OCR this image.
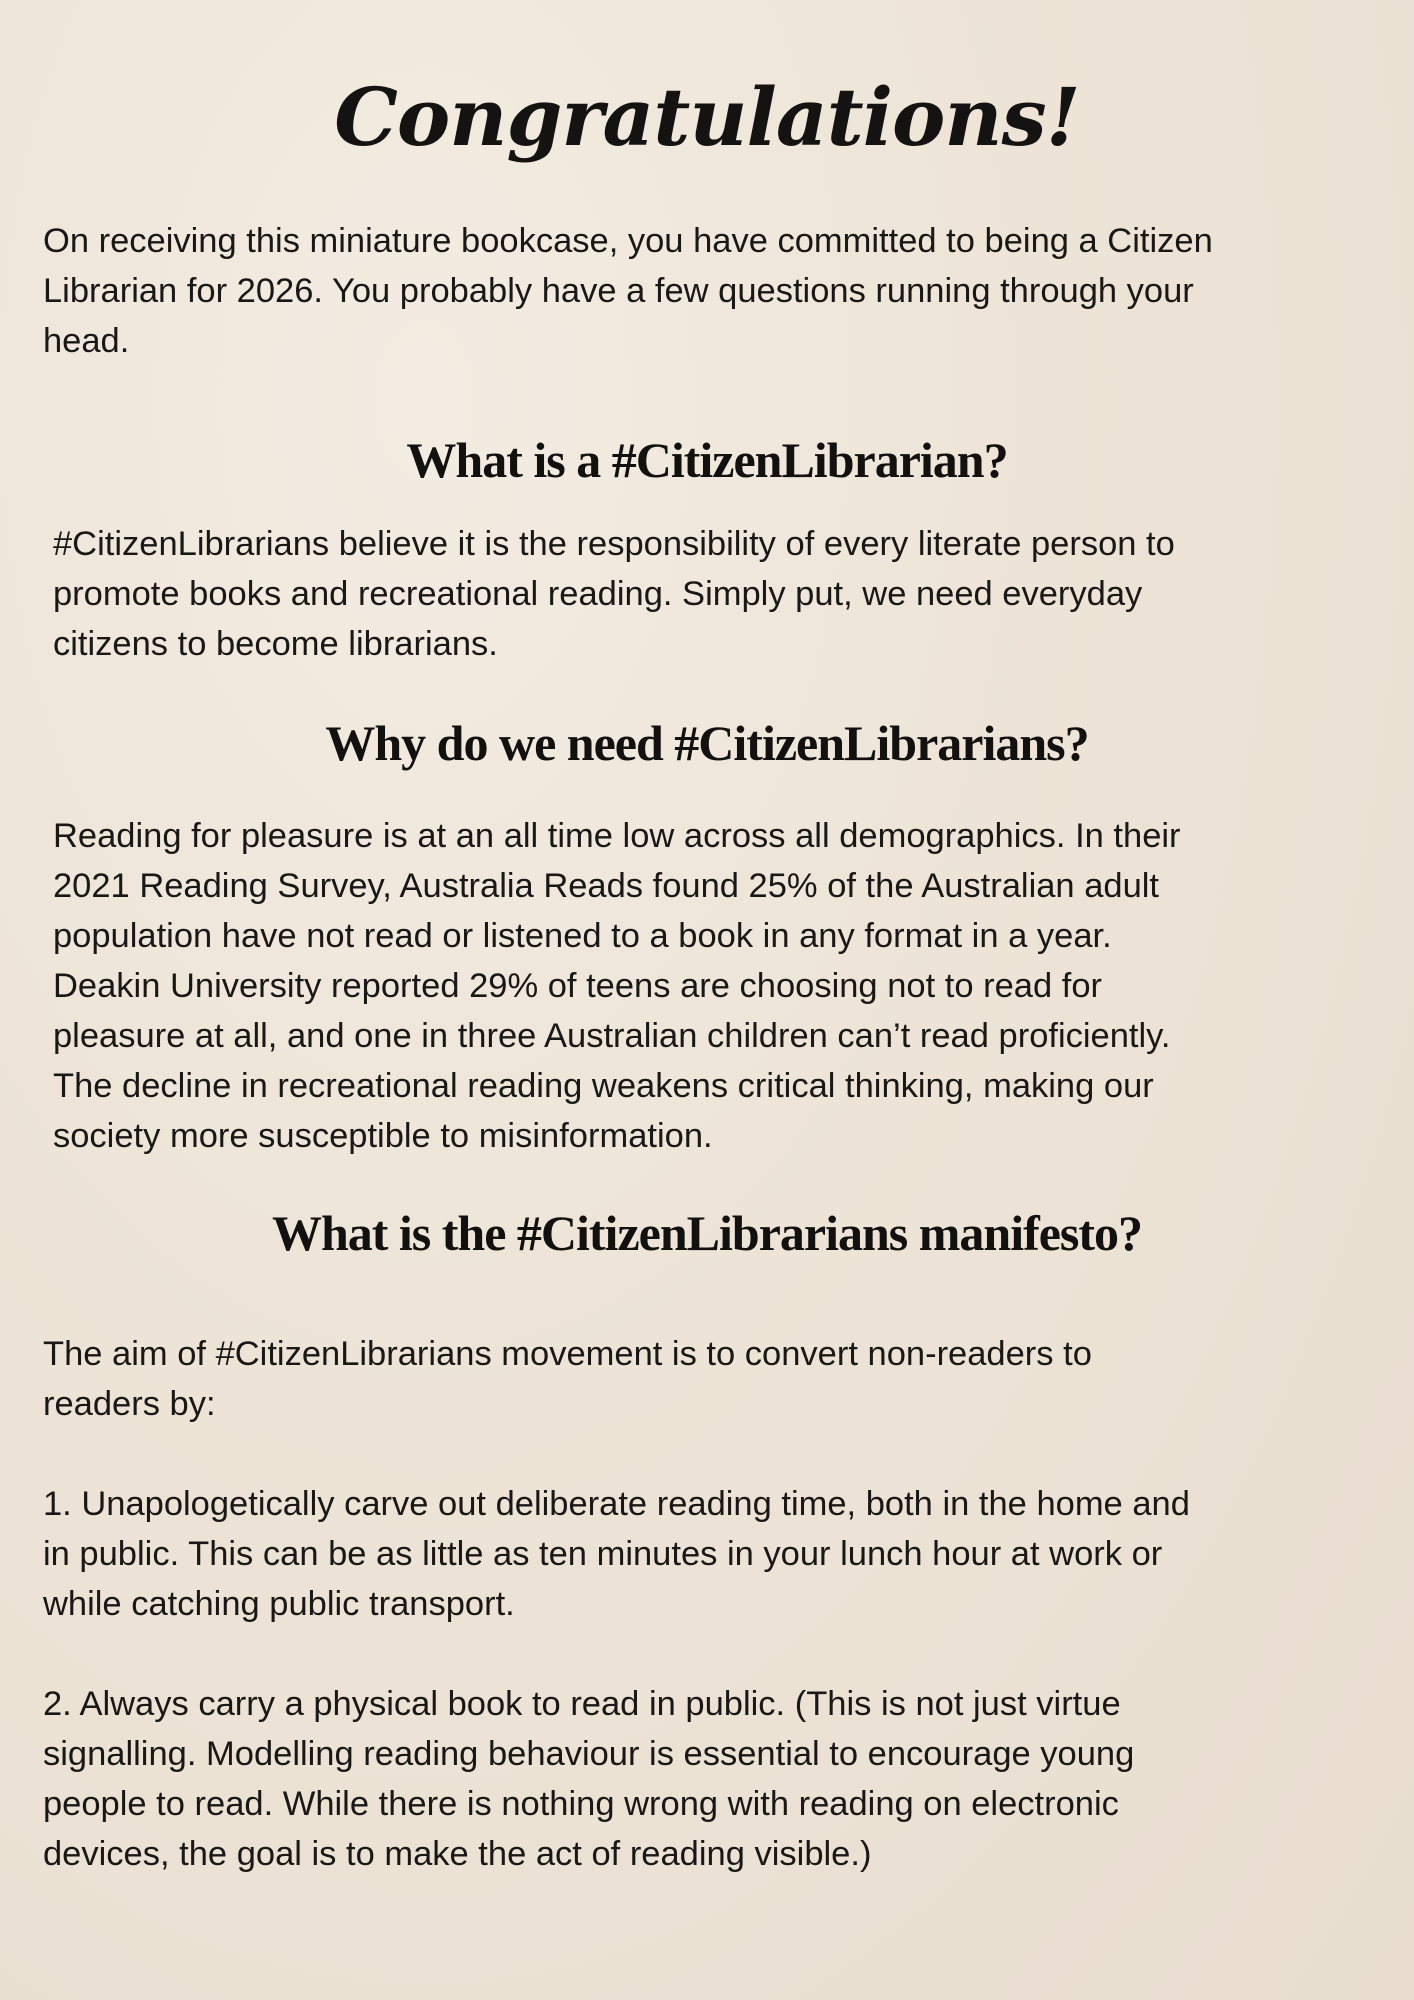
Congratulations!

On receiving this miniature bookcase, you have committed to being a Citizen
Librarian for 2026. You probably have a few questions running through your
head.

What is a #CitizenLibrarian?

#CitizenLibrarians believe it is the responsibility of every literate person to
promote books and recreational reading. Simply put, we need everyday
citizens to become librarians.

Why do we need #CitizenLibrarians?

Reading for pleasure is at an all time low across all demographics. In their
2021 Reading Survey, Australia Reads found 25% of the Australian adult
population have not read or listened to a book in any format in a year.
Deakin University reported 29% of teens are choosing not to read for
pleasure at all, and one in three Australian children can’t read proficiently.
The decline in recreational reading weakens critical thinking, making our
society more susceptible to misinformation.

What is the #CitizenLibrarians manifesto?

The aim of #CitizenLibrarians movement is to convert non-readers to
readers by:

1. Unapologetically carve out deliberate reading time, both in the home and
in public. This can be as little as ten minutes in your lunch hour at work or
while catching public transport.

2. Always carry a physical book to read in public. (This is not just virtue
signalling. Modelling reading behaviour is essential to encourage young
people to read. While there is nothing wrong with reading on electronic
devices, the goal is to make the act of reading visible.)
